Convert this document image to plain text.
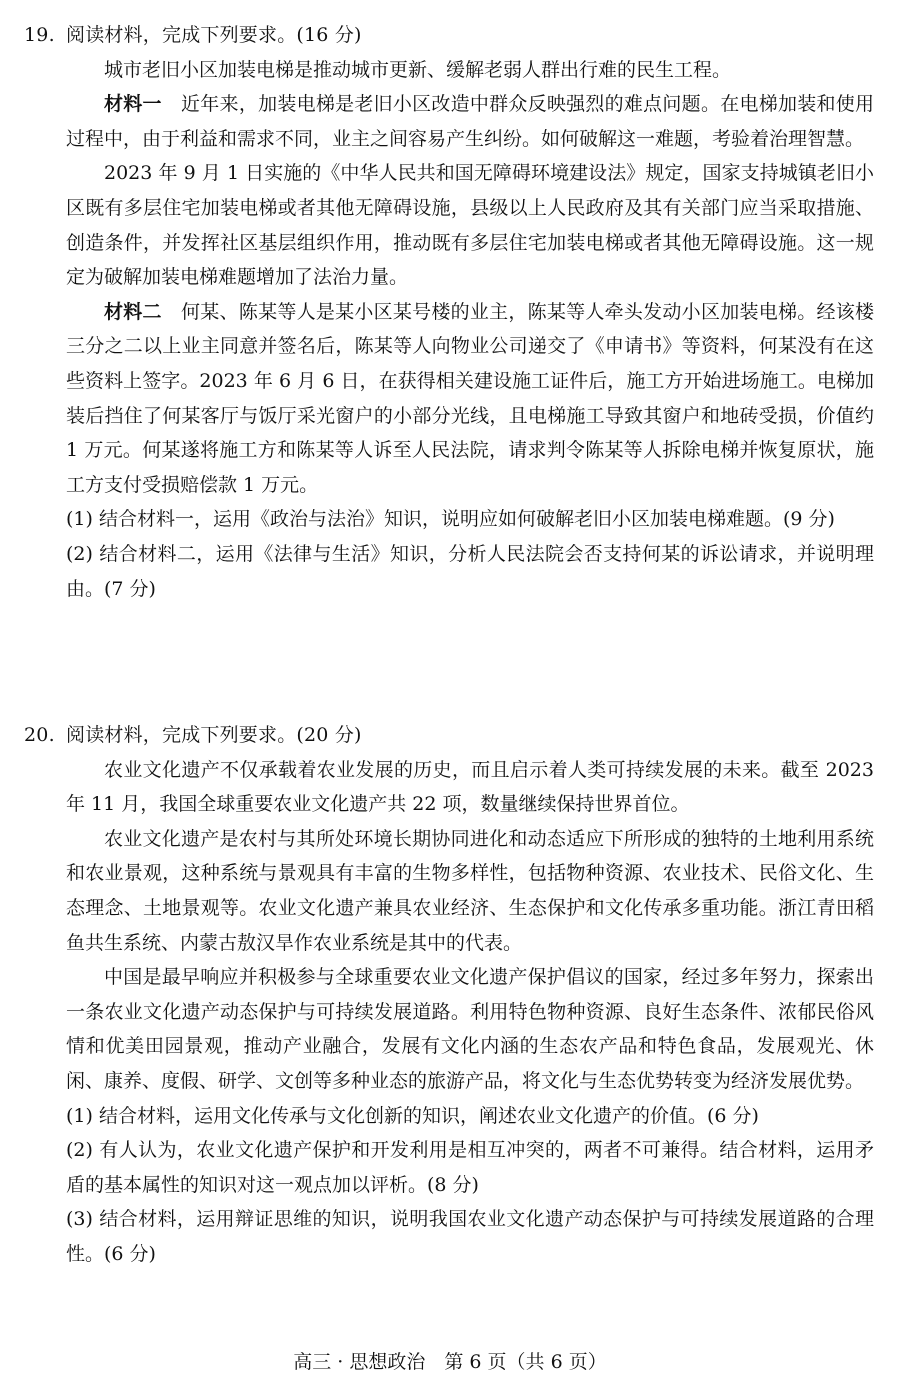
19. 阅读材料，完成下列要求。(16 分)
城市老旧小区加装电梯是推动城市更新、缓解老弱人群出行难的民生工程。
材料一　 近年来，加装电梯是老旧小区改造中群众反映强烈的难点问题。在电梯加装和使用过程中，由于利益和需求不同，业主之间容易产生纠纷。如何破解这一难题，考验着治理智慧。
2023 年 9 月 1 日实施的《中华人民共和国无障碍环境建设法》规定，国家支持城镇老旧小区既有多层住宅加装电梯或者其他无障碍设施，县级以上人民政府及其有关部门应当采取措施、创造条件，并发挥社区基层组织作用，推动既有多层住宅加装电梯或者其他无障碍设施。这一规定为破解加装电梯难题增加了法治力量。
材料二　 何某、陈某等人是某小区某号楼的业主，陈某等人牵头发动小区加装电梯。经该楼三分之二以上业主同意并签名后，陈某等人向物业公司递交了《申请书》等资料，何某没有在这些资料上签字。2023 年 6 月 6 日，在获得相关建设施工证件后，施工方开始进场施工。电梯加装后挡住了何某客厅与饭厅采光窗户的小部分光线，且电梯施工导致其窗户和地砖受损，价值约 1 万元。何某遂将施工方和陈某等人诉至人民法院，请求判令陈某等人拆除电梯并恢复原状，施工方支付受损赔偿款 1 万元。
(1) 结合材料一，运用《政治与法治》知识，说明应如何破解老旧小区加装电梯难题。(9 分)
(2) 结合材料二，运用《法律与生活》知识，分析人民法院会否支持何某的诉讼请求，并说明理由。(7 分)
20. 阅读材料，完成下列要求。(20 分)
农业文化遗产不仅承载着农业发展的历史，而且启示着人类可持续发展的未来。截至 2023 年 11 月，我国全球重要农业文化遗产共 22 项，数量继续保持世界首位。
农业文化遗产是农村与其所处环境长期协同进化和动态适应下所形成的独特的土地利用系统和农业景观，这种系统与景观具有丰富的生物多样性，包括物种资源、农业技术、民俗文化、生态理念、土地景观等。农业文化遗产兼具农业经济、生态保护和文化传承多重功能。浙江青田稻鱼共生系统、内蒙古敖汉旱作农业系统是其中的代表。
中国是最早响应并积极参与全球重要农业文化遗产保护倡议的国家，经过多年努力，探索出一条农业文化遗产动态保护与可持续发展道路。利用特色物种资源、良好生态条件、浓郁民俗风情和优美田园景观，推动产业融合，发展有文化内涵的生态农产品和特色食品，发展观光、休闲、康养、度假、研学、文创等多种业态的旅游产品，将文化与生态优势转变为经济发展优势。
(1) 结合材料，运用文化传承与文化创新的知识，阐述农业文化遗产的价值。(6 分)
(2) 有人认为，农业文化遗产保护和开发利用是相互冲突的，两者不可兼得。结合材料，运用矛盾的基本属性的知识对这一观点加以评析。(8 分)
(3) 结合材料，运用辩证思维的知识，说明我国农业文化遗产动态保护与可持续发展道路的合理性。(6 分)
高三 · 思想政治　第 6 页（共 6 页）
